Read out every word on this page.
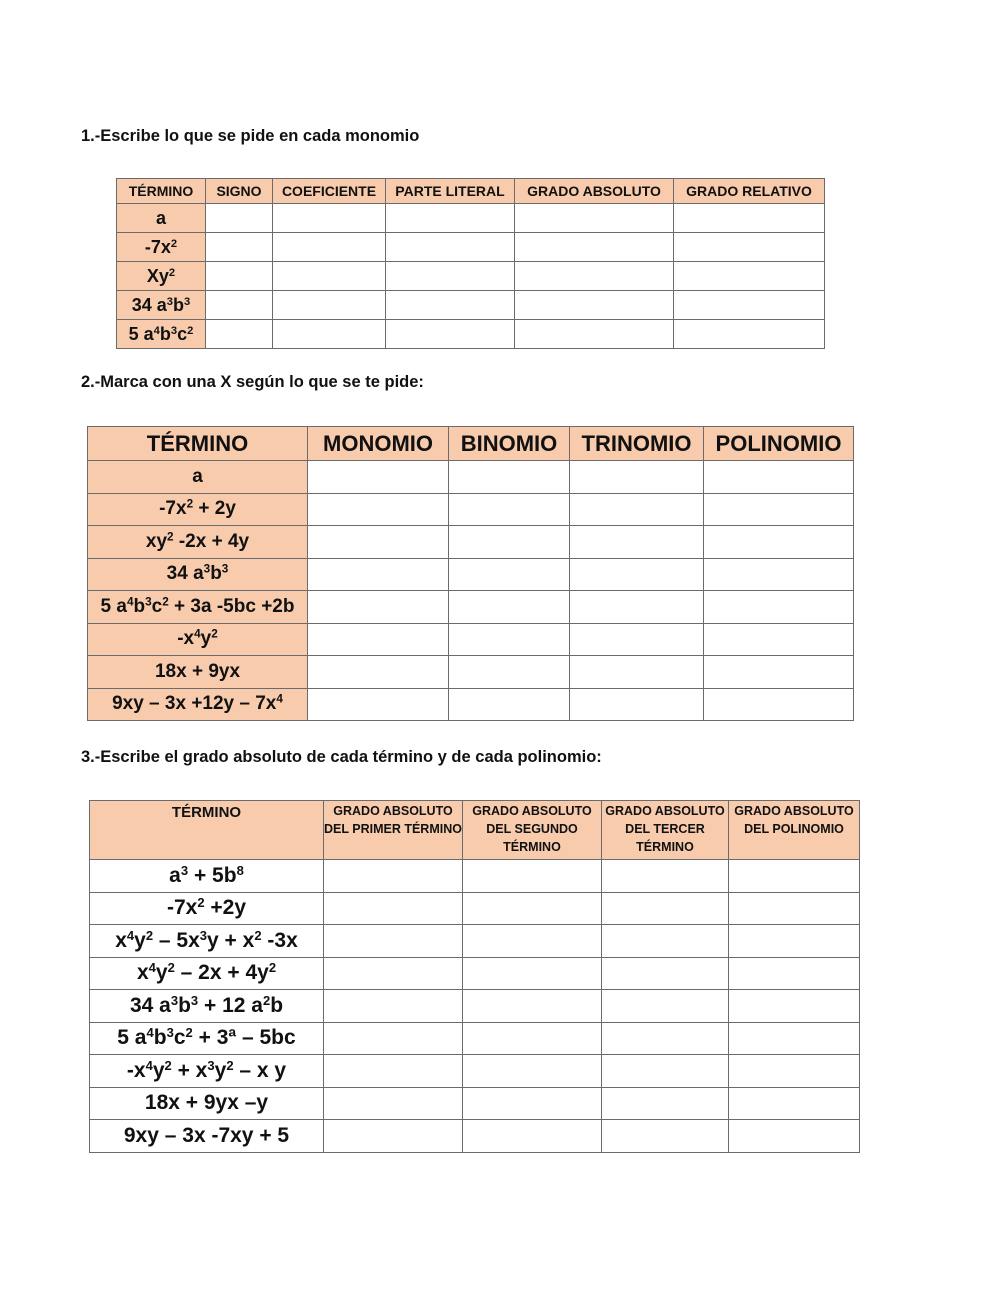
1.-Escribe lo que se pide en cada monomio

TÉRMINO	SIGNO	COEFICIENTE	PARTE LITERAL	GRADO ABSOLUTO	GRADO RELATIVO
a					
$-7x^2$					
Xy$^2$					
34 $a^3b^3$					
5 $a^4b^3c^2$					

2.-Marca con una X según lo que se te pide:

TÉRMINO	MONOMIO	BINOMIO	TRINOMIO	POLINOMIO
a				
$-7x^2 + 2y$				
$xy^2$ -2x + 4y				
34 $a^3b^3$				
5 $a^4b^3c^2 + 3a$ -5bc +2b				
$-x^4y^2$				
18x + 9yx				
$9xy - 3x +12y - 7x^4$				

3.-Escribe el grado absoluto de cada término y de cada polinomio:

TÉRMINO	GRADO ABSOLUTO DEL PRIMER TÉRMINO	GRADO ABSOLUTO DEL SEGUNDO TÉRMINO	GRADO ABSOLUTO DEL TERCER TÉRMINO	GRADO ABSOLUTO DEL POLINOMIO
$a^3 + 5b^8$				
$-7x^2 +2y$				
$x^4y^2 - 5x^3y + x^2$ -3x				
$x^4y^2 - 2x + 4y^2$				
34 $a^3b^3 + 12$ $a^2b$				
5 $a^4b^3c^2$ + 3ª – 5bc				
$-x^4y^2 + x^3y^2 - x$ y				
18x + 9yx –y				
9xy – 3x -7xy + 5				
